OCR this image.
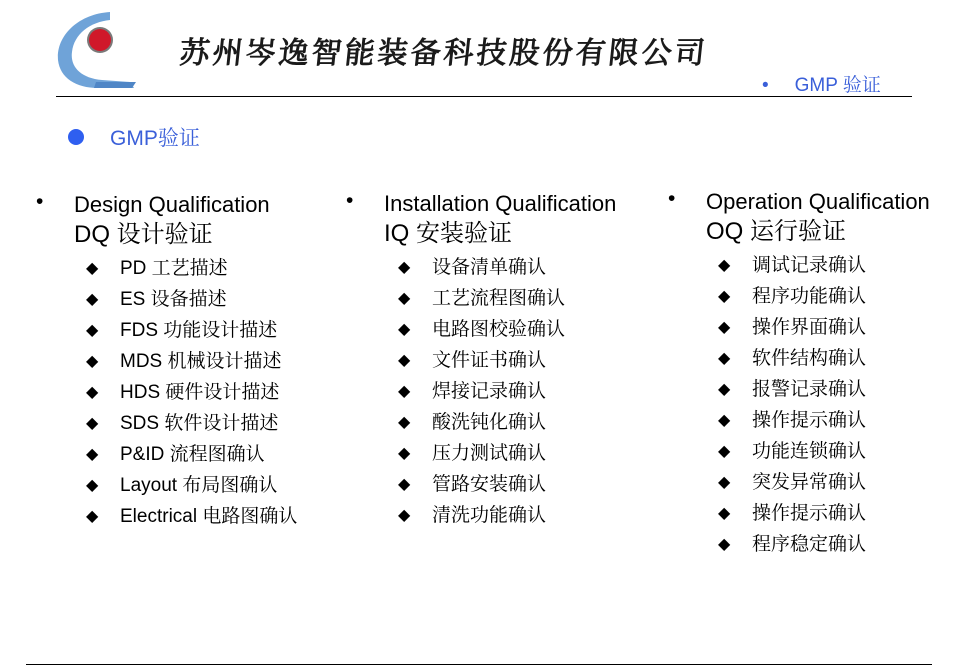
苏州岑逸智能装备科技股份有限公司
• GMP 验证
GMP验证
• Design Qualification
DQ 设计验证
◆ PD 工艺描述
◆ ES 设备描述
◆ FDS 功能设计描述
◆ MDS 机械设计描述
◆ HDS 硬件设计描述
◆ SDS 软件设计描述
◆ P&ID 流程图确认
◆ Layout 布局图确认
◆ Electrical 电路图确认
• Installation Qualification
IQ 安装验证
◆ 设备清单确认
◆ 工艺流程图确认
◆ 电路图校验确认
◆ 文件证书确认
◆ 焊接记录确认
◆ 酸洗钝化确认
◆ 压力测试确认
◆ 管路安装确认
◆ 清洗功能确认
• Operation Qualification
OQ 运行验证
◆ 调试记录确认
◆ 程序功能确认
◆ 操作界面确认
◆ 软件结构确认
◆ 报警记录确认
◆ 操作提示确认
◆ 功能连锁确认
◆ 突发异常确认
◆ 操作提示确认
◆ 程序稳定确认
